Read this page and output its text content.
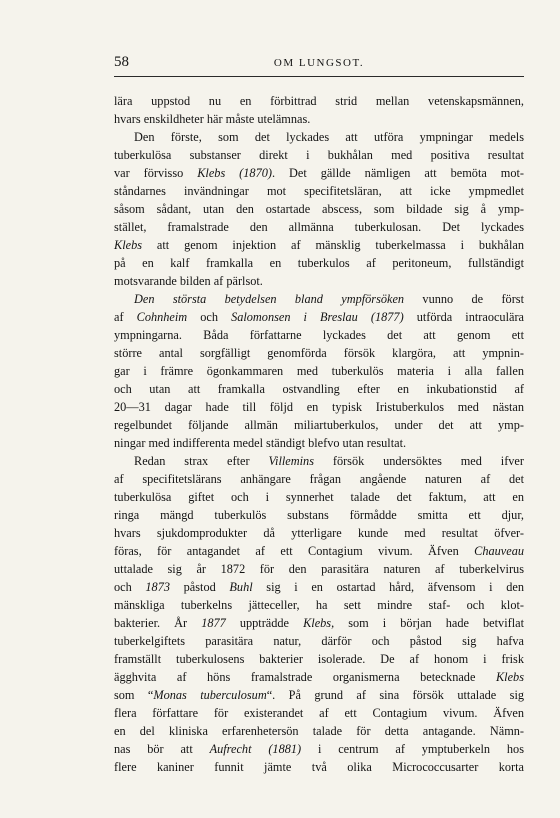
58	OM LUNGSOT.
lära uppstod nu en förbittrad strid mellan vetenskapsmännen,
hvars enskildheter här måste utelämnas.
Den förste, som det lyckades att utföra ympningar medels
tuberkulösa substanser direkt i bukhålan med positiva resultat
var förvisso Klebs (1870). Det gällde nämligen att bemöta mot-
ståndarnes invändningar mot specifitetsläran, att icke ympmedlet
såsom sådant, utan den ostartade abscess, som bildade sig å ymp-
stället, framalstrade den allmänna tuberkulosan. Det lyckades
Klebs att genom injektion af mänsklig tuberkelmassa i bukhålan
på en kalf framkalla en tuberkulos af peritoneum, fullständigt
motsvarande bilden af pärlsot.
Den största betydelsen bland ympförsöken vunno de först
af Cohnheim och Salomonsen i Breslau (1877) utförda intraoculära
ympningarna. Båda författarne lyckades det att genom ett
större antal sorgfälligt genomförda försök klargöra, att ympnin-
gar i främre ögonkammaren med tuberkulös materia i alla fallen
och utan att framkalla ostvandling efter en inkubationstid af
20—31 dagar hade till följd en typisk Iristuberkulos med nästan
regelbundet följande allmän miliartuberkulos, under det att ymp-
ningar med indifferenta medel ständigt blefvo utan resultat.
Redan strax efter Villemins försök undersöktes med ifver
af specifitetslärans anhängare frågan angående naturen af det
tuberkulösa giftet och i synnerhet talade det faktum, att en
ringa mängd tuberkulös substans förmådde smitta ett djur,
hvars sjukdomprodukter då ytterligare kunde med resultat öfver-
föras, för antagandet af ett Contagium vivum. Äfven Chauveau
uttalade sig år 1872 för den parasitära naturen af tuberkelvirus
och 1873 påstod Buhl sig i en ostartad hård, äfvensom i den
mänskliga tuberkelns jätteceller, ha sett mindre staf- och klot-
bakterier. År 1877 uppträdde Klebs, som i början hade betviflat
tuberkelgiftets parasitära natur, därför och påstod sig hafva
framställt tuberkulosens bakterier isolerade. De af honom i frisk
ägghvita af höns framalstrade organismerna betecknade Klebs
som “Monas tuberculosum“. På grund af sina försök uttalade sig
flera författare för existerandet af ett Contagium vivum. Äfven
en del kliniska erfarenhetersön talade för detta antagande. Nämn-
nas bör att Aufrecht (1881) i centrum af ymptuberkeln hos
flere kaniner funnit jämte två olika Micrococcusarter korta
